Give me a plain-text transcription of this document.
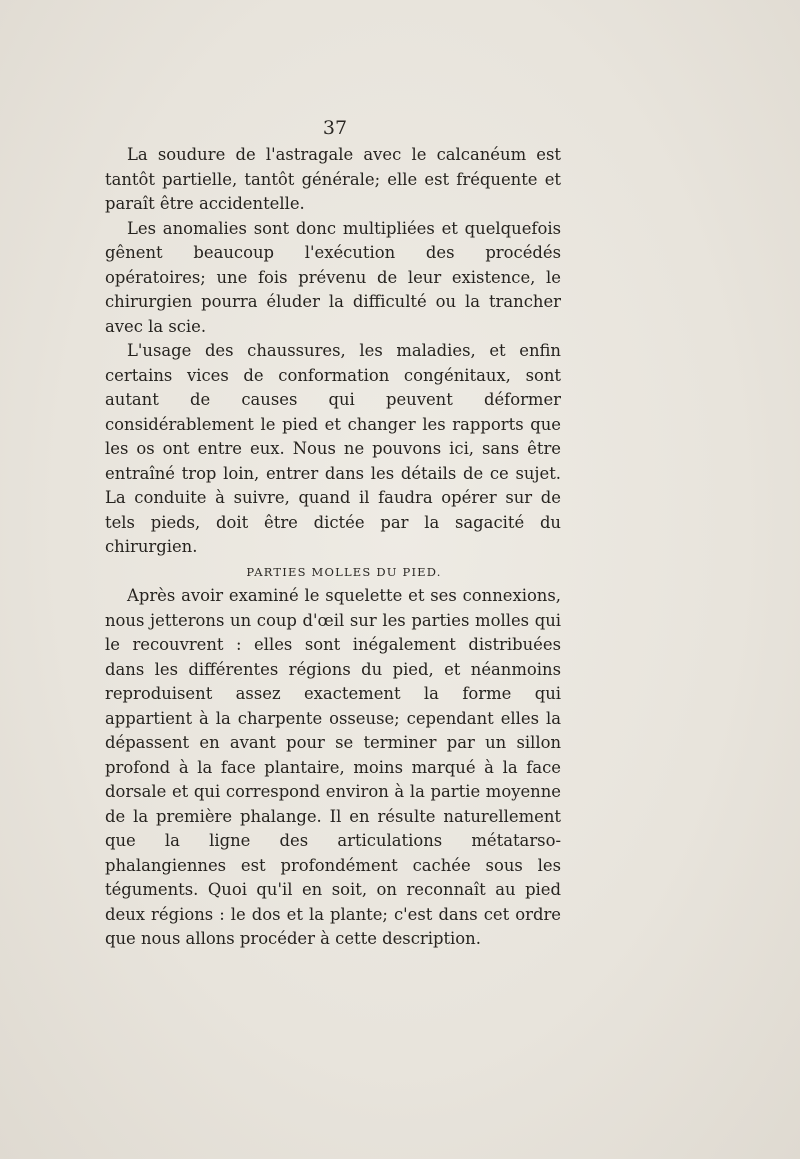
37

La soudure de l'astragale avec le calcanéum est tantôt partielle, tantôt générale; elle est fréquente et paraît être accidentelle.

Les anomalies sont donc multipliées et quelquefois gênent beaucoup l'exécution des procédés opératoires; une fois prévenu de leur existence, le chirurgien pourra éluder la difficulté ou la trancher avec la scie.

L'usage des chaussures, les maladies, et enfin certains vices de conformation congénitaux, sont autant de causes qui peuvent déformer considérablement le pied et changer les rapports que les os ont entre eux. Nous ne pouvons ici, sans être entraîné trop loin, entrer dans les détails de ce sujet. La conduite à suivre, quand il faudra opérer sur de tels pieds, doit être dictée par la sagacité du chirurgien.

PARTIES MOLLES DU PIED.

Après avoir examiné le squelette et ses connexions, nous jetterons un coup d'œil sur les parties molles qui le recouvrent : elles sont inégalement distribuées dans les différentes régions du pied, et néanmoins reproduisent assez exactement la forme qui appartient à la charpente osseuse; cependant elles la dépassent en avant pour se terminer par un sillon profond à la face plantaire, moins marqué à la face dorsale et qui correspond environ à la partie moyenne de la première phalange. Il en résulte naturellement que la ligne des articulations métatarso-phalangiennes est profondément cachée sous les téguments. Quoi qu'il en soit, on reconnaît au pied deux régions : le dos et la plante; c'est dans cet ordre que nous allons procéder à cette description.
